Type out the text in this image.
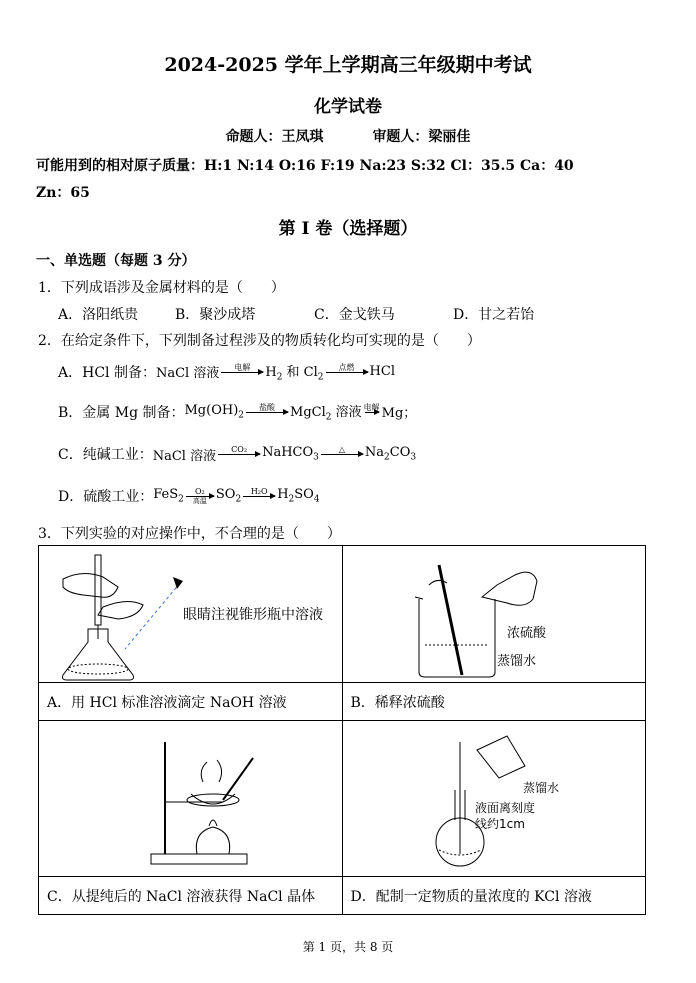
2024-2025 学年上学期高三年级期中考试
化学试卷
命题人：王凤琪	审题人：梁丽佳
可能用到的相对原子质量：H:1 N:14 O:16 F:19 Na:23 S:32 Cl：35.5 Ca：40
Zn：65
第 I 卷（选择题）
一、单选题（每题 3 分）
1．下列成语涉及金属材料的是（　　）
A．洛阳纸贵	B．聚沙成塔	C．金戈铁马	D．甘之若饴
2．在给定条件下，下列制备过程涉及的物质转化均可实现的是（　　）
A．HCl 制备： NaCl 溶液 电解 $H_2$ 和 $Cl_2$
点燃 HCl
B．金属 Mg 制备： $Mg(OH)_2$
盐酸 MgCl$_2$ 溶液 电解 Mg；
C．纯碱工业： NaCl 溶液 CO₂ NaHCO$_3$
△ $Na_2CO_3$
D．硫酸工业： FeS$_2$
O₂
高温 $SO_2$
H₂O $H_2SO_4$
3．下列实验的对应操作中，不合理的是（　　）
眼睛注视锥形瓶中溶液	浓硫酸
蒸馏水

A．用 HCl 标准溶液滴定 NaOH 溶液	B．稀释浓硫酸

蒸馏水
液面离刻度
线约1cm

C．从提纯后的 NaCl 溶液获得 NaCl 晶体	D．配制一定物质的量浓度的 KCl 溶液
第 1 页，共 8 页
